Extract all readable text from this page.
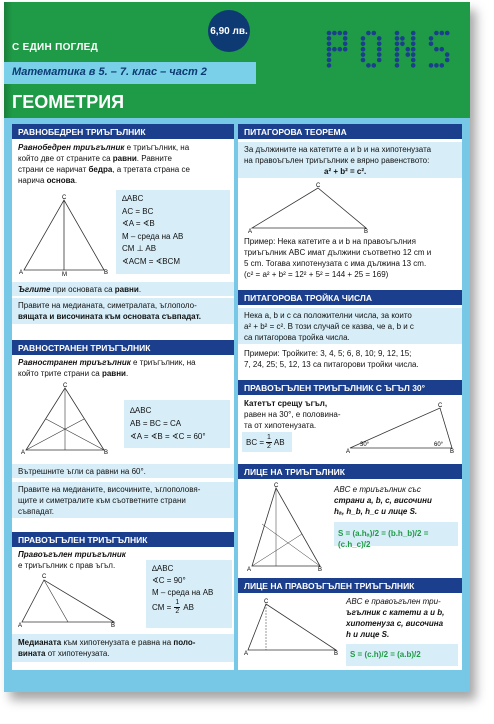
6,90 лв.
С ЕДИН ПОГЛЕД
Математика в 5. – 7. клас – част 2
ГЕОМЕТРИЯ
РАВНОБЕДРЕН ТРИЪГЪЛНИК
Равнобедрен триъгълник е триъгълник, на
който две от страните са равни. Равните
страни се наричат бедра, а третата страна се
нарича основа.
A	B
C
M
∆ABC
AC = BC
∢A = ∢B
M – среда на AB
CM ⊥ AB
∢ACM = ∢BCM
Ъглите при основата са равни.
Правите на медианата, симетралата, ъглополо-
вящата и височината към основата съвпадат.
РАВНОСТРАНЕН ТРИЪГЪЛНИК
Равностранен триъгълник е триъгълник, на
който трите страни са равни.
A	B
C
∆ABC
AB = BC = CA
∢A = ∢B = ∢C = 60°
Вътрешните ъгли са равни на 60°.
Правите на медианите, височините, ъглополовя-
щите и симетралите към съответните страни
съвпадат.
ПРАВОЪГЪЛЕН ТРИЪГЪЛНИК
Правоъгълен триъгълник
е триъгълник с прав ъгъл.
A	B
C
∆ABC
∢C = 90°
M – среда на AB
CM = $\frac{1}{2}$ AB
Медианата към хипотенузата е равна на поло-
вината от хипотенузата.
ПИТАГОРОВА ТЕОРЕМА
За дължините на катетите a и b и на хипотенузата
на правоъгълен триъгълник е вярно равенството:
a² + b² = c².
A	B
C
Пример: Нека катетите a и b на правоъгълния
триъгълник ABC имат дължини съответно 12 cm и
5 cm. Тогава хипотенузата c има дължина 13 cm.
(c² = a² + b² = 12² + 5² = 144 + 25 = 169)
ПИТАГОРОВА ТРОЙКА ЧИСЛА
Нека a, b и c са положителни числа, за които
a² + b² = c². В този случай се казва, че a, b и c
са питагорова тройка числа.
Примери: Тройките: 3, 4, 5; 6, 8, 10; 9, 12, 15;
7, 24, 25; 5, 12, 13 са питагорови тройки числа.
ПРАВОЪГЪЛЕН ТРИЪГЪЛНИК С ЪГЪЛ 30°
Катетът срещу ъгъл,
равен на 30°, е половина-
та от хипотенузата.
BC = $\frac{1}{2}$ AB	30°	60°
A	B
C
ЛИЦЕ НА ТРИЪГЪЛНИК
A	B
C	ABC е триъгълник със
страни a, b, c, височини
hₐ, h_b, h_c и лице S.
S = (a.hₐ)/2 = (b.h_b)/2 = (c.h_c)/2
ЛИЦЕ НА ПРАВОЪГЪЛЕН ТРИЪГЪЛНИК
A	B
C	ABC е правоъгълен три-
ъгълник с катети a и b,
хипотенуза c, височина
h и лице S.
S = (c.h)/2 = (a.b)/2
